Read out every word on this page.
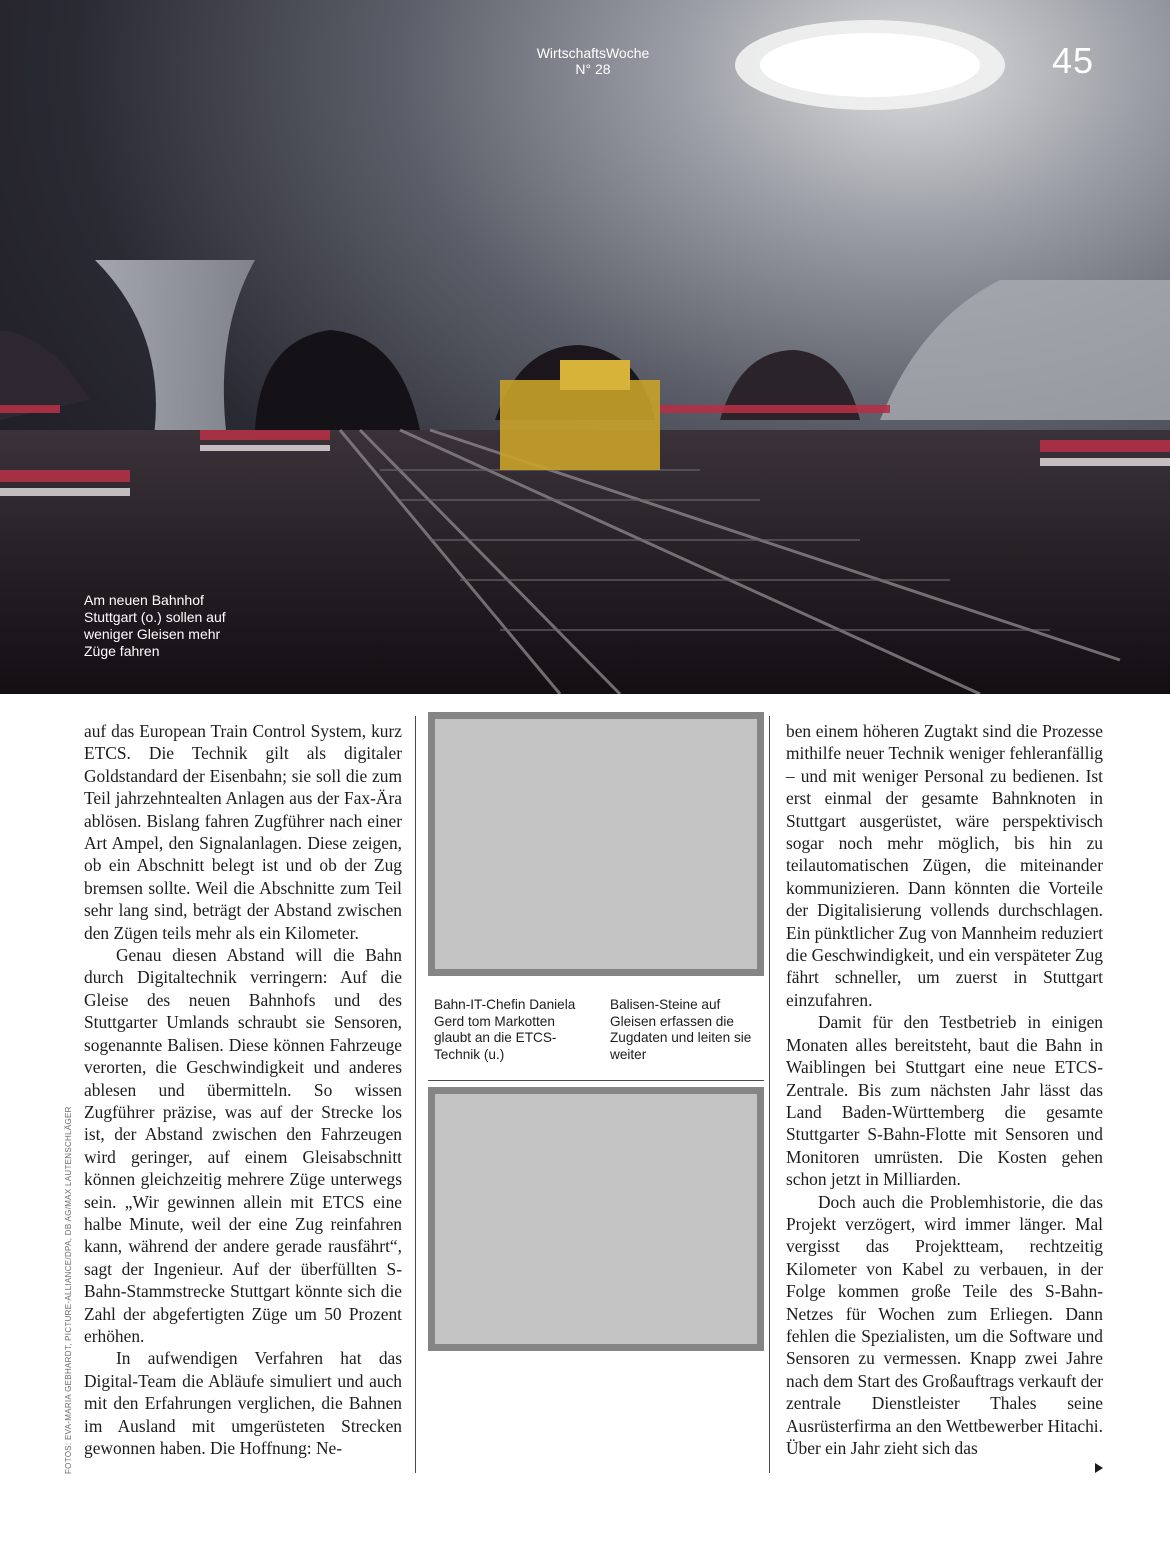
WirtschaftsWoche
N° 28	45
Am neuen Bahnhof Stuttgart (o.) sollen auf weniger Gleisen mehr Züge fahren

auf das European Train Control System, kurz ETCS. Die Technik gilt als digitaler Goldstandard der Eisenbahn; sie soll die zum Teil jahrzehntealten Anlagen aus der Fax-Ära ablösen. Bislang fahren Zugführer nach einer Art Ampel, den Signalanlagen. Diese zeigen, ob ein Abschnitt belegt ist und ob der Zug bremsen sollte. Weil die Abschnitte zum Teil sehr lang sind, beträgt der Abstand zwischen den Zügen teils mehr als ein Kilometer.

Genau diesen Abstand will die Bahn durch Digitaltechnik verringern: Auf die Gleise des neuen Bahnhofs und des Stuttgarter Umlands schraubt sie Sensoren, sogenannte Balisen. Diese können Fahrzeuge verorten, die Geschwindigkeit und anderes ablesen und übermitteln. So wissen Zugführer präzise, was auf der Strecke los ist, der Abstand zwischen den Fahrzeugen wird geringer, auf einem Gleisabschnitt können gleichzeitig mehrere Züge unterwegs sein. „Wir gewinnen allein mit ETCS eine halbe Minute, weil der eine Zug reinfahren kann, während der andere gerade rausfährt“, sagt der Ingenieur. Auf der überfüllten S-Bahn-Stammstrecke Stuttgart könnte sich die Zahl der abgefertigten Züge um 50 Prozent erhöhen.

In aufwendigen Verfahren hat das Digital-Team die Abläufe simuliert und auch mit den Erfahrungen verglichen, die Bahnen im Ausland mit umgerüsteten Strecken gewonnen haben. Die Hoffnung: Ne-

Bahn-IT-Chefin Daniela Gerd tom Markotten glaubt an die ETCS-Technik (u.)
Balisen-Steine auf Gleisen erfassen die Zugdaten und leiten sie weiter

ben einem höheren Zugtakt sind die Prozesse mithilfe neuer Technik weniger fehleranfällig – und mit weniger Personal zu bedienen. Ist erst einmal der gesamte Bahnknoten in Stuttgart ausgerüstet, wäre perspektivisch sogar noch mehr möglich, bis hin zu teilautomatischen Zügen, die miteinander kommunizieren. Dann könnten die Vorteile der Digitalisierung vollends durchschlagen. Ein pünktlicher Zug von Mannheim reduziert die Geschwindigkeit, und ein verspäteter Zug fährt schneller, um zuerst in Stuttgart einzufahren.

Damit für den Testbetrieb in einigen Monaten alles bereitsteht, baut die Bahn in Waiblingen bei Stuttgart eine neue ETCS-Zentrale. Bis zum nächsten Jahr lässt das Land Baden-Württemberg die gesamte Stuttgarter S-Bahn-Flotte mit Sensoren und Monitoren umrüsten. Die Kosten gehen schon jetzt in Milliarden.

Doch auch die Problemhistorie, die das Projekt verzögert, wird immer länger. Mal vergisst das Projektteam, rechtzeitig Kilometer von Kabel zu verbauen, in der Folge kommen große Teile des S-Bahn-Netzes für Wochen zum Erliegen. Dann fehlen die Spezialisten, um die Software und Sensoren zu vermessen. Knapp zwei Jahre nach dem Start des Großauftrags verkauft der zentrale Dienstleister Thales seine Ausrüsterfirma an den Wettbewerber Hitachi. Über ein Jahr zieht sich das

FOTOS: EVA-MARIA GEBHARDT, PICTURE-ALLIANCE/DPA, DB AG/MAX LAUTENSCHLÄGER
